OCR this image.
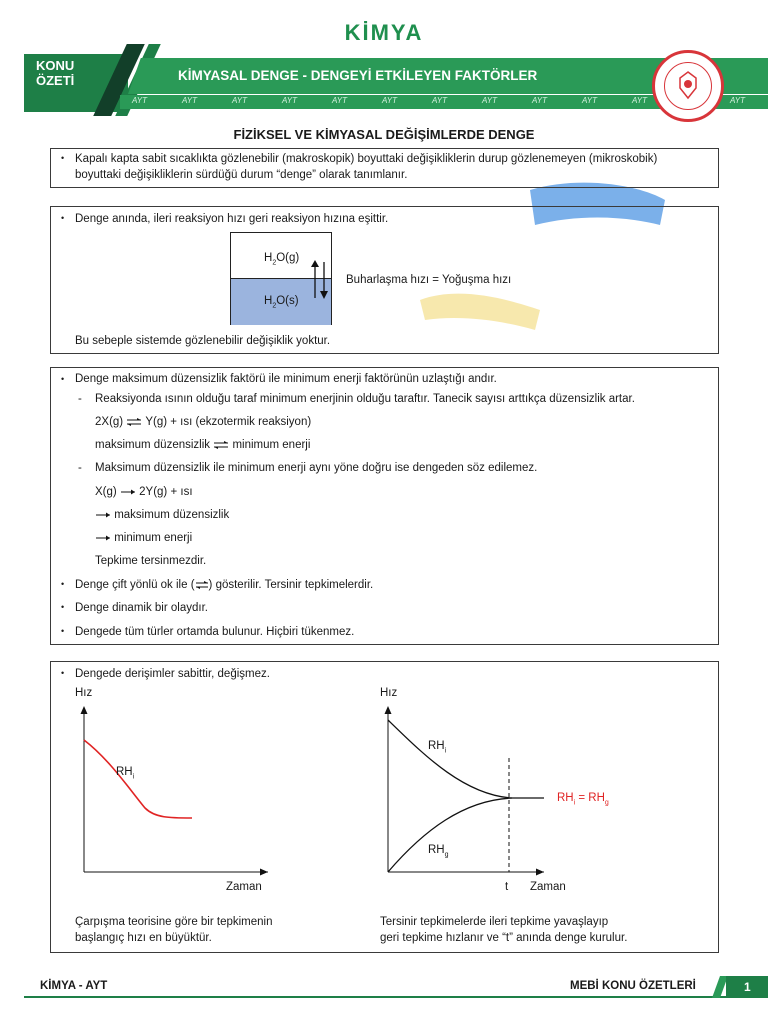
KİMYA
KONU
ÖZETİ	KİMYASAL DENGE - DENGEYİ ETKİLEYEN FAKTÖRLER
AYT	AYT	AYT	AYT	AYT	AYT	AYT	AYT	AYT	AYT	AYT	AYT
FİZİKSEL VE KİMYASAL DEĞİŞİMLERDE DENGE
• Kapalı kapta sabit sıcaklıkta gözlenebilir (makroskopik) boyuttaki değişikliklerin durup gözlenemeyen (mikroskobik)
boyuttaki değişikliklerin sürdüğü durum “denge” olarak tanımlanır.
• Denge anında, ileri reaksiyon hızı geri reaksiyon hızına eşittir.
$H_2O(g)$
$H_2O(s)$
Buharlaşma hızı = Yoğuşma hızı
Bu sebeple sistemde gözlenebilir değişiklik yoktur.
• Denge maksimum düzensizlik faktörü ile minimum enerji faktörünün uzlaştığı andır.
- Reaksiyonda ısının olduğu taraf minimum enerjinin olduğu taraftır. Tanecik sayısı arttıkça düzensizlik artar.
2X(g) ⇌ Y(g) + ısı (ekzotermik reaksiyon)
maksimum düzensizlik ⇌ minimum enerji
- Maksimum düzensizlik ile minimum enerji aynı yöne doğru ise dengeden söz edilemez.
X(g) 2Y(g) + ısı
maksimum düzensizlik
minimum enerji
Tepkime tersinmezdir.
• Denge çift yönlü ok ile (⇌) gösterilir. Tersinir tepkimelerdir.
• Denge dinamik bir olaydır.
• Dengede tüm türler ortamda bulunur. Hiçbiri tükenmez.
• Dengede derişimler sabittir, değişmez.
Hız
$RH_i$
Zaman
Hız
$RH_i$
$RH_g$
$RH_i = RH_g$
t Zaman
Çarpışma teorisine göre bir tepkimenin
başlangıç hızı en büyüktür.
Tersinir tepkimelerde ileri tepkime yavaşlayıp
geri tepkime hızlanır ve “t” anında denge kurulur.
KİMYA - AYT	MEBİ KONU ÖZETLERİ	1
